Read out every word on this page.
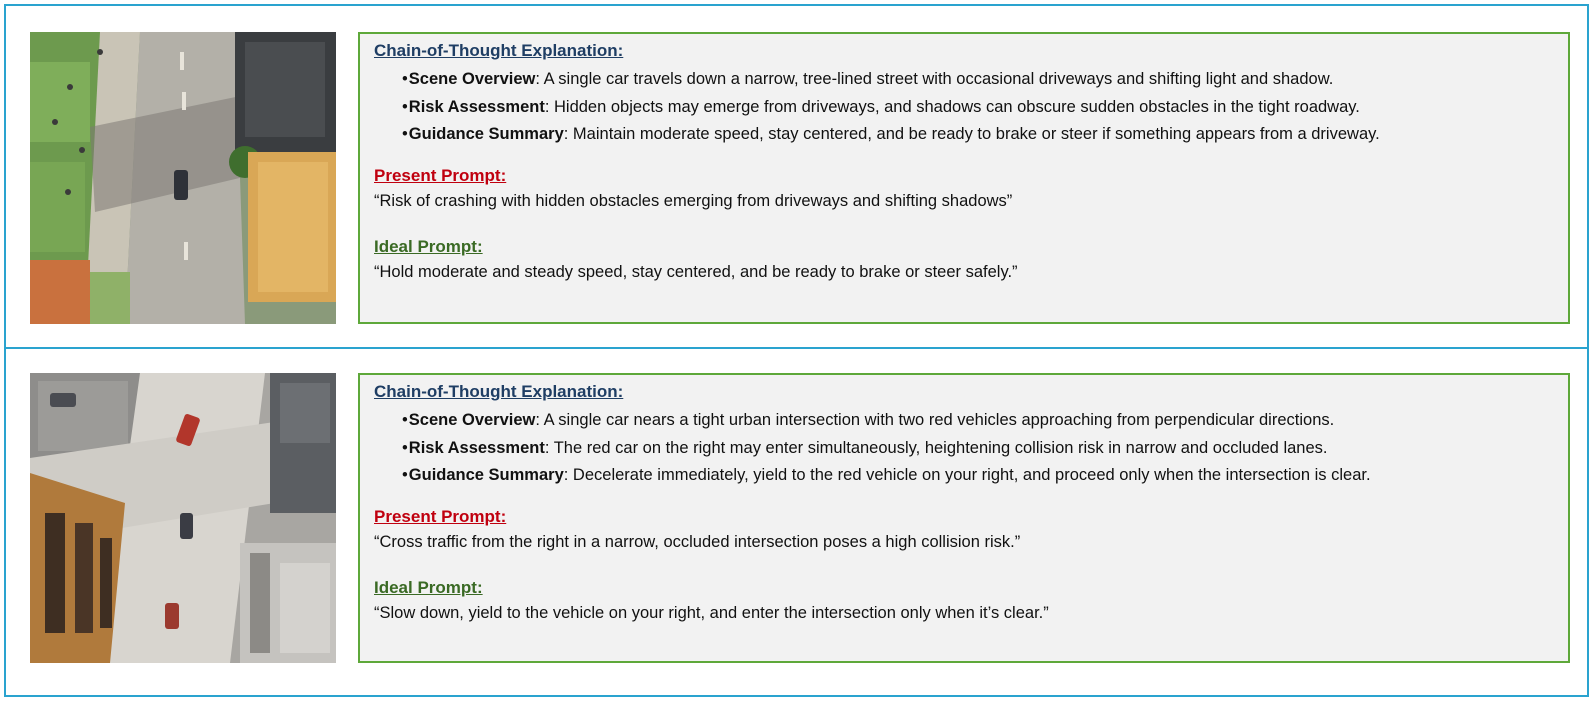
Chain-of-Thought Explanation:

•Scene Overview: A single car travels down a narrow, tree-lined street with occasional driveways and shifting light and shadow.
•Risk Assessment: Hidden objects may emerge from driveways, and shadows can obscure sudden obstacles in the tight roadway.
•Guidance Summary: Maintain moderate speed, stay centered, and be ready to brake or steer if something appears from a driveway.

Present Prompt:

“Risk of crashing with hidden obstacles emerging from driveways and shifting shadows”

Ideal Prompt:

“Hold moderate and steady speed, stay centered, and be ready to brake or steer safely.”

Chain-of-Thought Explanation:

•Scene Overview: A single car nears a tight urban intersection with two red vehicles approaching from perpendicular directions.
•Risk Assessment: The red car on the right may enter simultaneously, heightening collision risk in narrow and occluded lanes.
•Guidance Summary: Decelerate immediately, yield to the red vehicle on your right, and proceed only when the intersection is clear.

Present Prompt:

“Cross traffic from the right in a narrow, occluded intersection poses a high collision risk.”

Ideal Prompt:

“Slow down, yield to the vehicle on your right, and enter the intersection only when it’s clear.”
